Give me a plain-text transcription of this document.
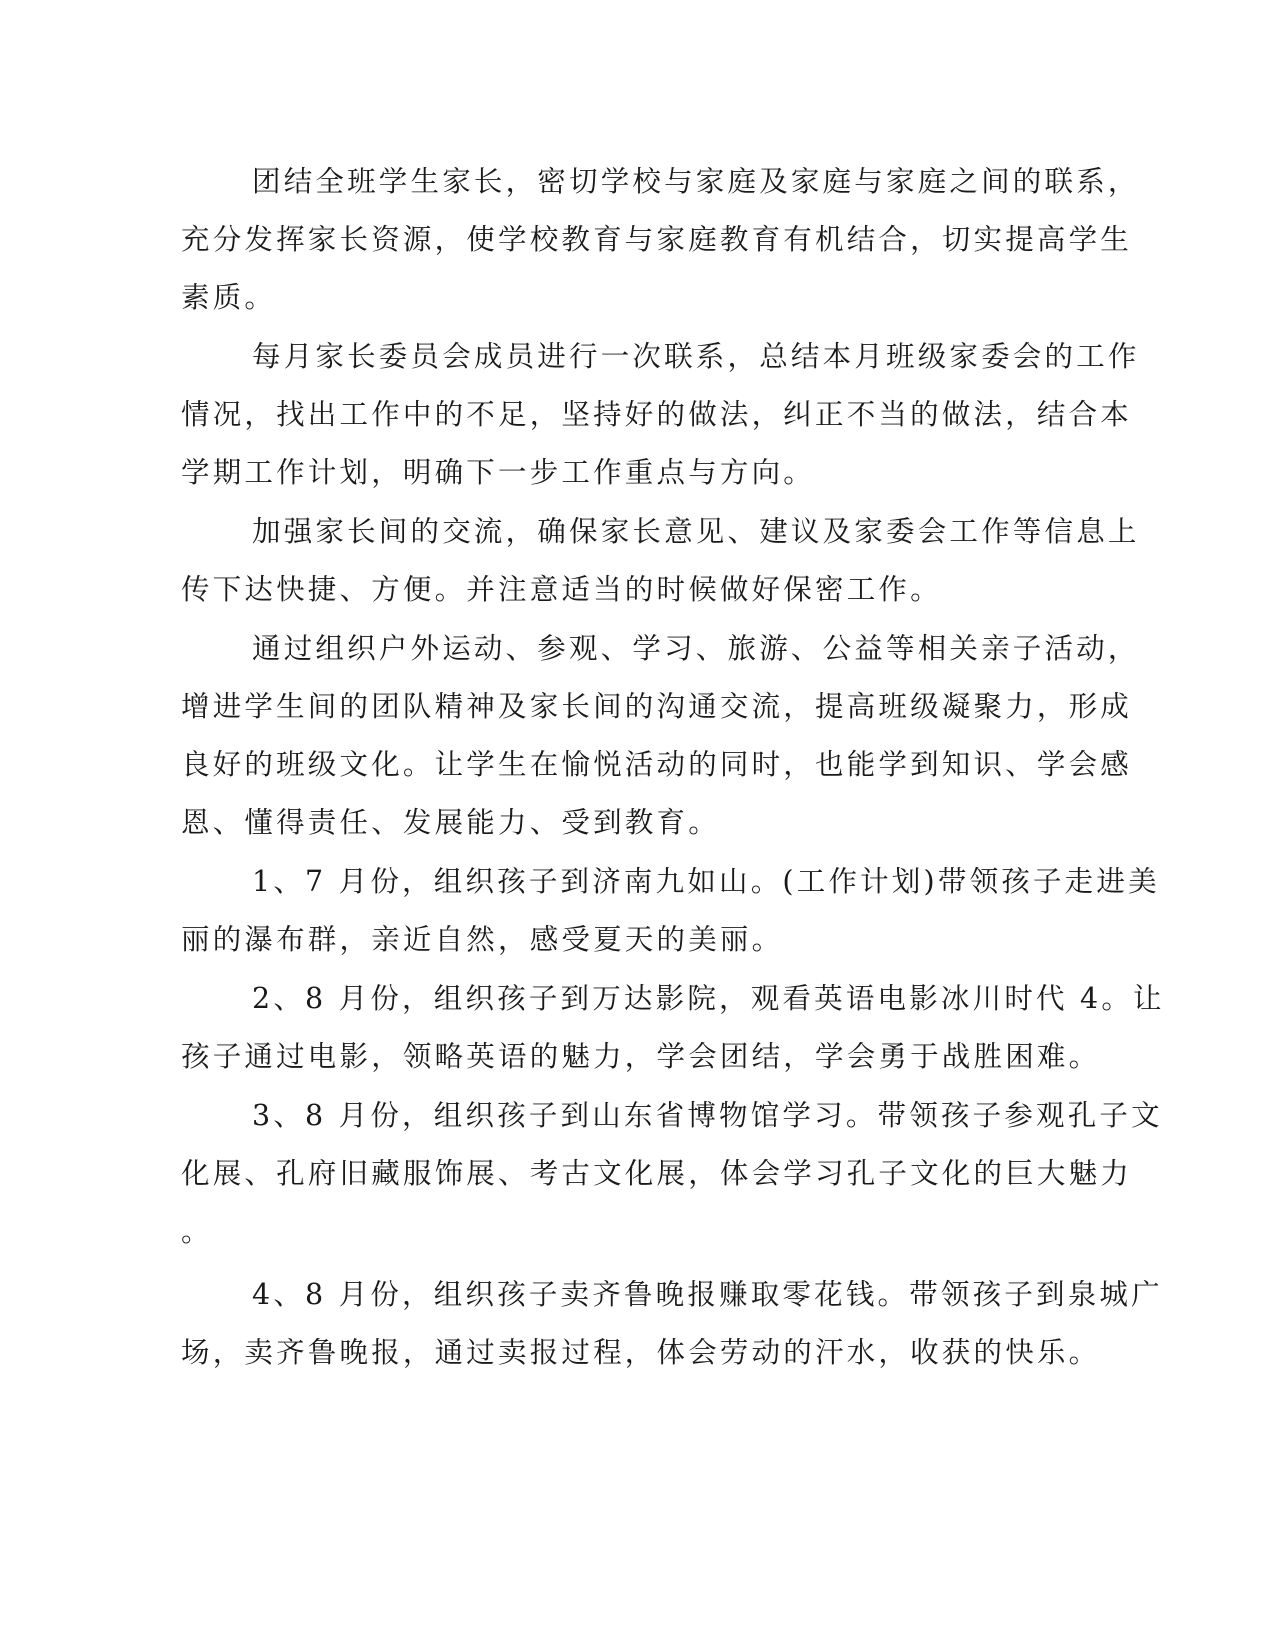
团结全班学生家长，密切学校与家庭及家庭与家庭之间的联系，

充分发挥家长资源，使学校教育与家庭教育有机结合，切实提高学生

素质。

每月家长委员会成员进行一次联系，总结本月班级家委会的工作

情况，找出工作中的不足，坚持好的做法，纠正不当的做法，结合本

学期工作计划，明确下一步工作重点与方向。

加强家长间的交流，确保家长意见、建议及家委会工作等信息上

传下达快捷、方便。并注意适当的时候做好保密工作。

通过组织户外运动、参观、学习、旅游、公益等相关亲子活动，

增进学生间的团队精神及家长间的沟通交流，提高班级凝聚力，形成

良好的班级文化。让学生在愉悦活动的同时，也能学到知识、学会感

恩、懂得责任、发展能力、受到教育。

1、7 月份，组织孩子到济南九如山。(工作计划)带领孩子走进美

丽的瀑布群，亲近自然，感受夏天的美丽。

2、8 月份，组织孩子到万达影院，观看英语电影冰川时代 4。让

孩子通过电影，领略英语的魅力，学会团结，学会勇于战胜困难。

3、8 月份，组织孩子到山东省博物馆学习。带领孩子参观孔子文

化展、孔府旧藏服饰展、考古文化展，体会学习孔子文化的巨大魅力

。

4、8 月份，组织孩子卖齐鲁晚报赚取零花钱。带领孩子到泉城广

场，卖齐鲁晚报，通过卖报过程，体会劳动的汗水，收获的快乐。
